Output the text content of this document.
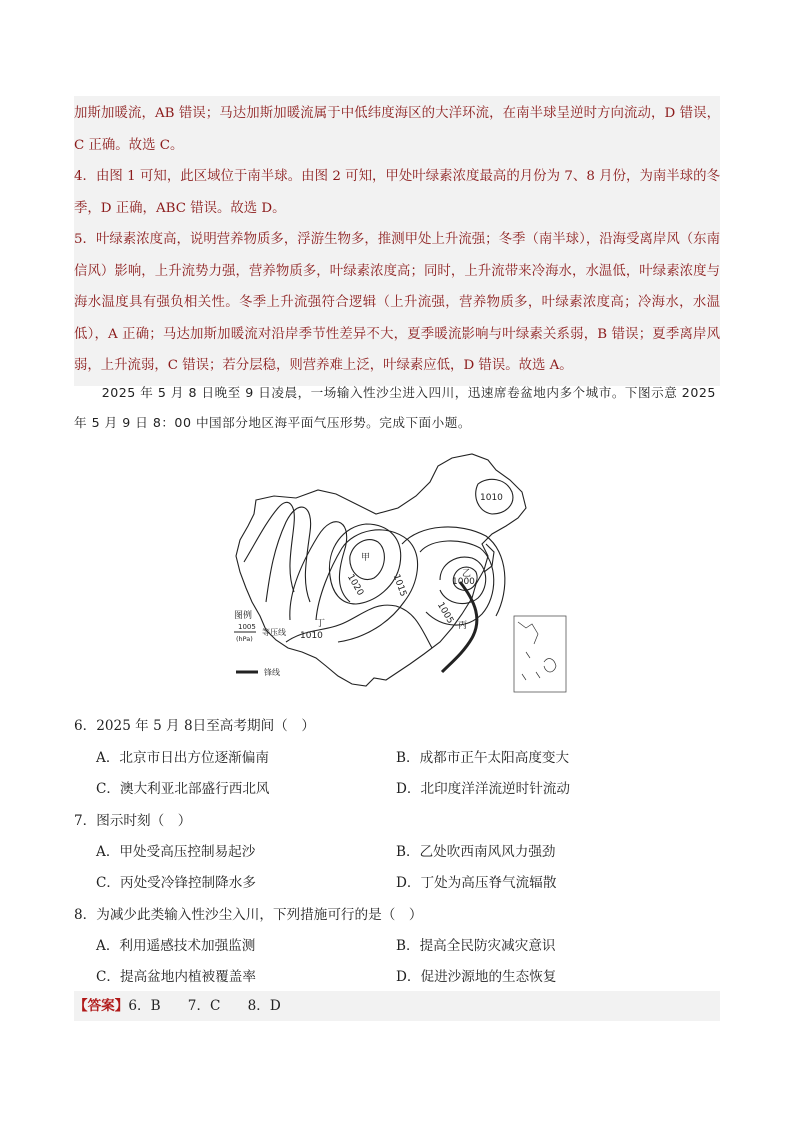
加斯加暖流，AB 错误；马达加斯加暖流属于中低纬度海区的大洋环流，在南半球呈逆时方向流动，D 错误，C 正确。故选 C。

4．由图 1 可知，此区域位于南半球。由图 2 可知，甲处叶绿素浓度最高的月份为 7、8 月份，为南半球的冬季，D 正确，ABC 错误。故选 D。

5．叶绿素浓度高，说明营养物质多，浮游生物多，推测甲处上升流强；冬季（南半球），沿海受离岸风（东南信风）影响，上升流势力强，营养物质多，叶绿素浓度高；同时，上升流带来冷海水，水温低，叶绿素浓度与海水温度具有强负相关性。冬季上升流强符合逻辑（上升流强，营养物质多，叶绿素浓度高；冷海水，水温低），A 正确；马达加斯加暖流对沿岸季节性差异不大，夏季暖流影响与叶绿素关系弱，B 错误；夏季离岸风弱，上升流弱，C 错误；若分层稳，则营养难上泛，叶绿素应低，D 错误。故选 A。

2025 年 5 月 8 日晚至 9 日凌晨，一场输入性沙尘进入四川，迅速席卷盆地内多个城市。下图示意 2025 年 5 月 9 日 8：00 中国部分地区海平面气压形势。完成下面小题。

1010
1020	1015	1000
1005
1010
甲
乙
丙
丁
图例
1005
(hPa)
等压线
锋线
6．2025 年 5 月 8日至高考期间（　）
A．北京市日出方位逐渐偏南	B．成都市正午太阳高度变大
C．澳大利亚北部盛行西北风	D．北印度洋洋流逆时针流动
7．图示时刻（　）
A．甲处受高压控制易起沙	B．乙处吹西南风风力强劲
C．丙处受冷锋控制降水多	D．丁处为高压脊气流辐散
8．为减少此类输入性沙尘入川，下列措施可行的是（　）
A．利用遥感技术加强监测	B．提高全民防灾减灾意识
C．提高盆地内植被覆盖率	D．促进沙源地的生态恢复
【答案】6．B　　7．C　　8．D
